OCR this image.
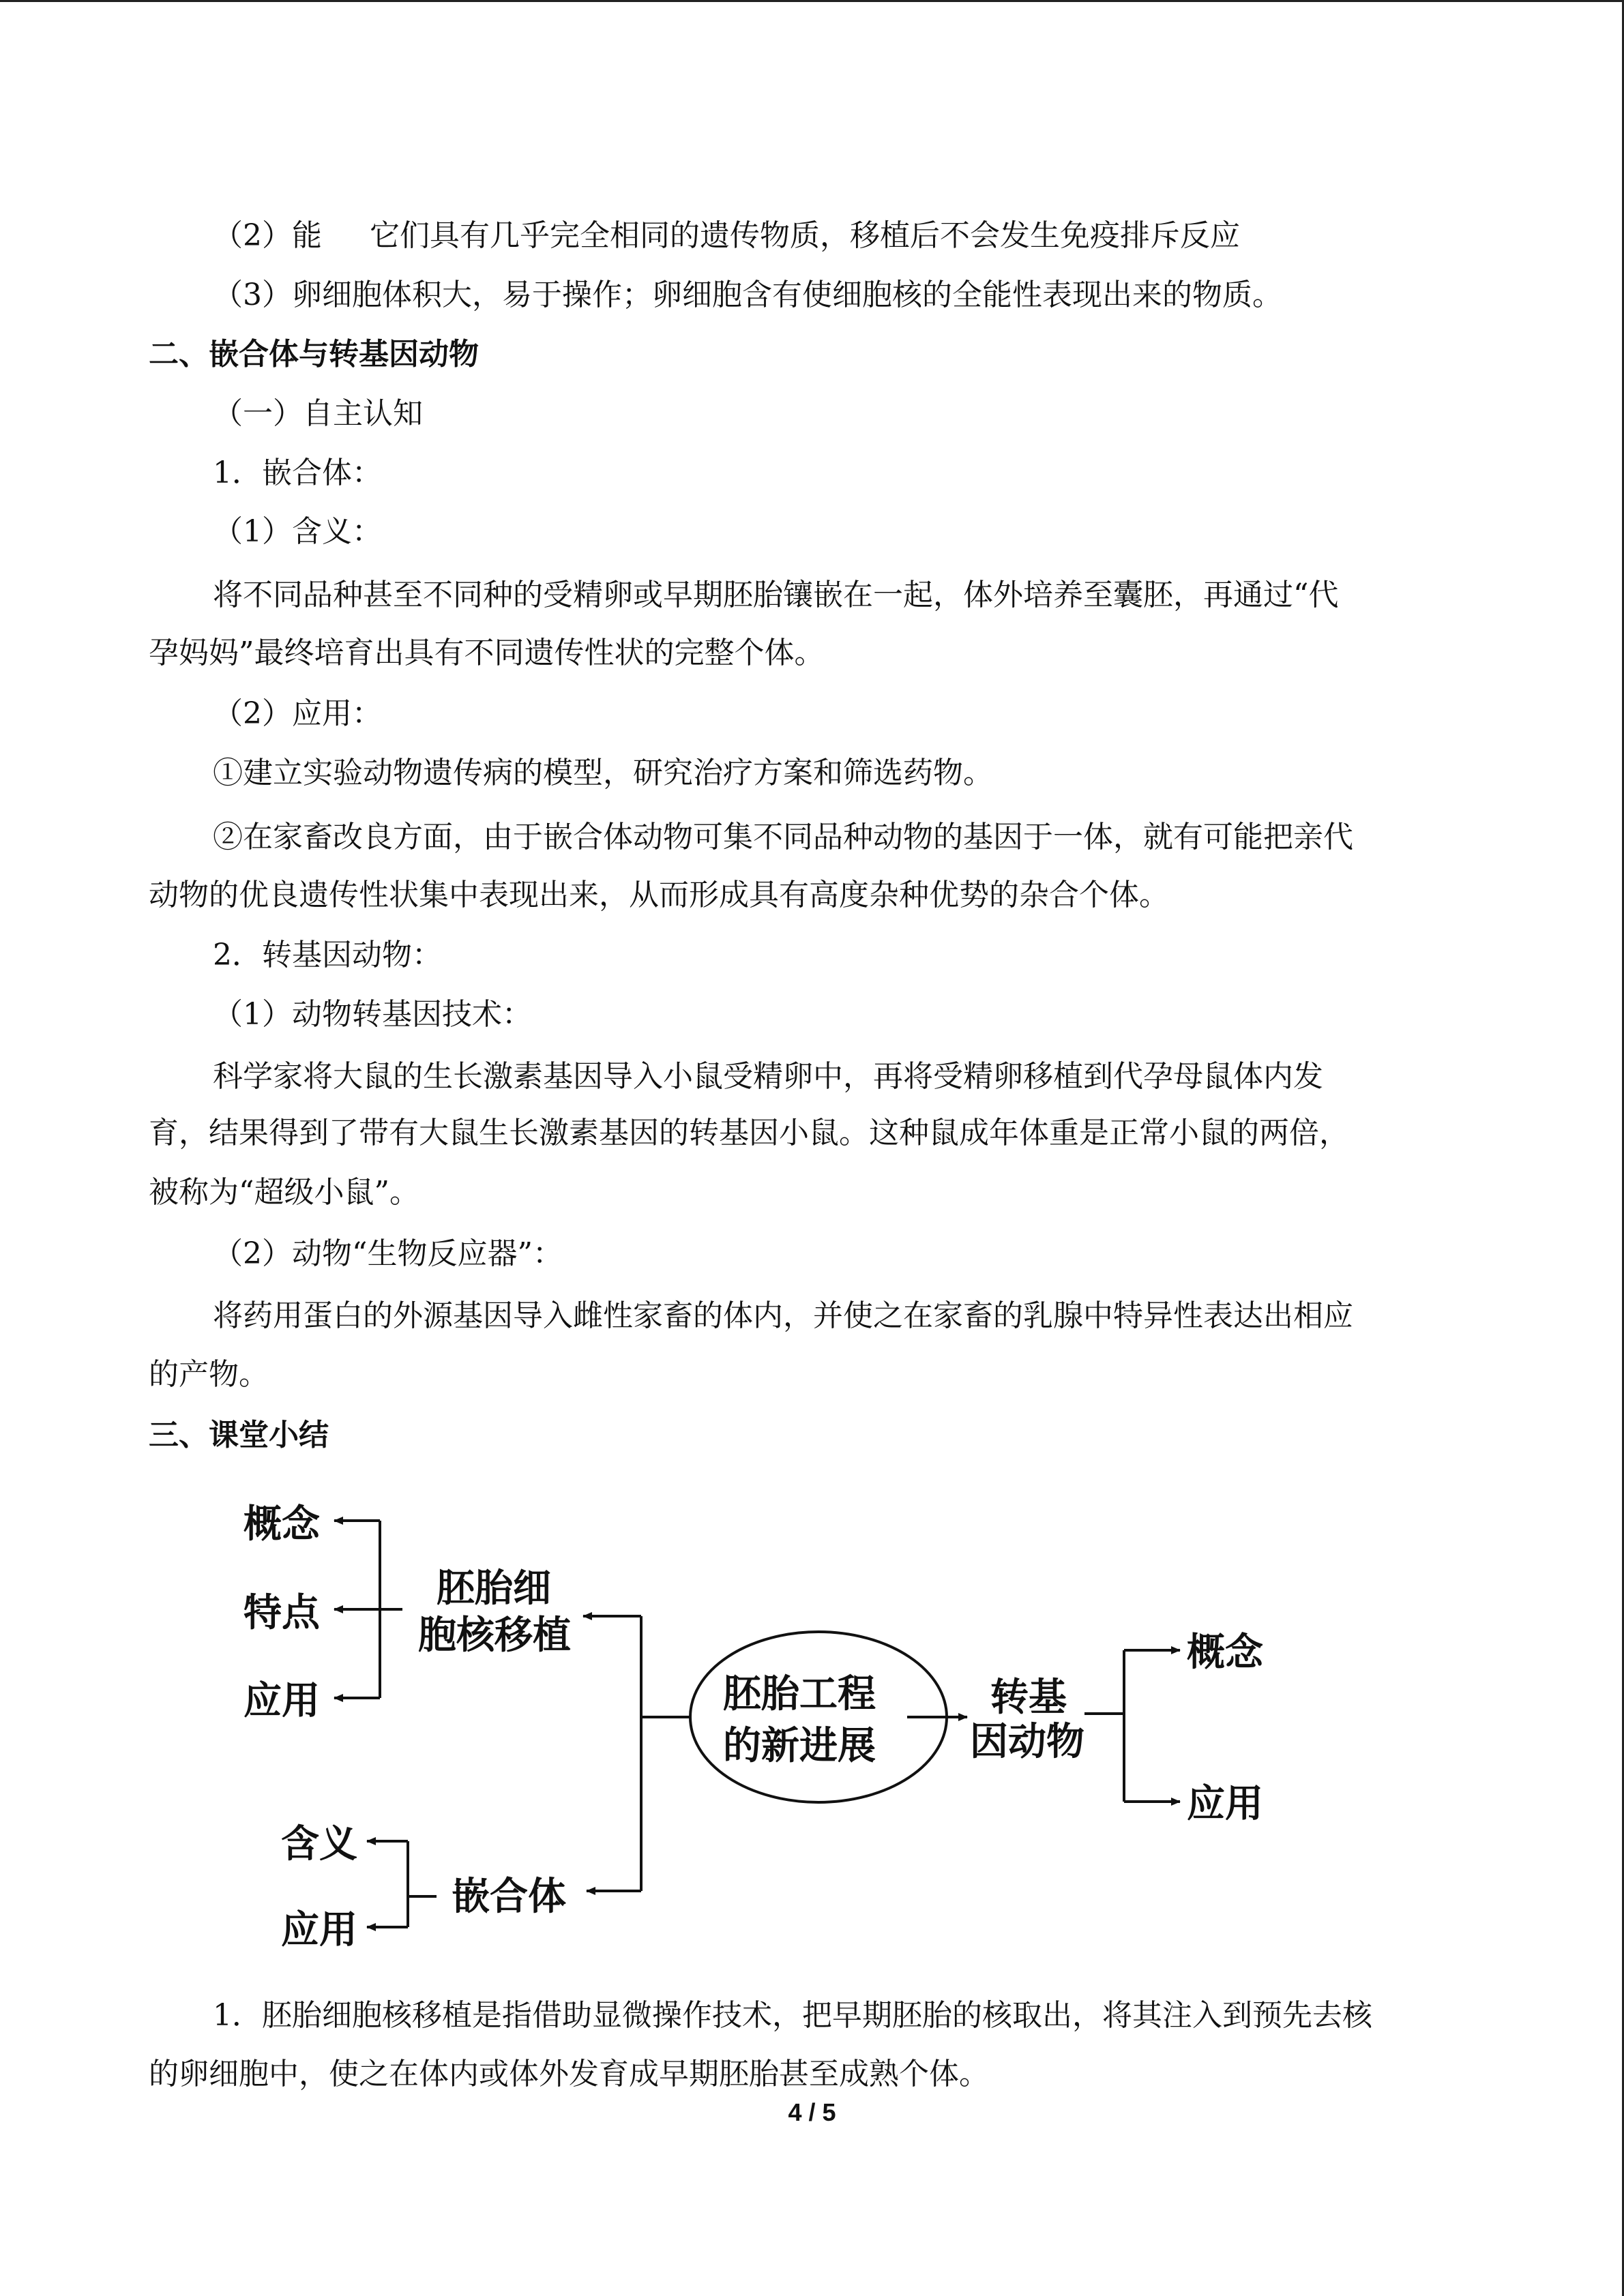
（2）能 它们具有几乎完全相同的遗传物质，移植后不会发生免疫排斥反应
（3）卵细胞体积大，易于操作；卵细胞含有使细胞核的全能性表现出来的物质。
二、嵌合体与转基因动物
（一）自主认知
1．嵌合体：
（1）含义：
将不同品种甚至不同种的受精卵或早期胚胎镶嵌在一起，体外培养至囊胚，再通过“代
孕妈妈”最终培育出具有不同遗传性状的完整个体。
（2）应用：
①建立实验动物遗传病的模型，研究治疗方案和筛选药物。
②在家畜改良方面，由于嵌合体动物可集不同品种动物的基因于一体，就有可能把亲代
动物的优良遗传性状集中表现出来，从而形成具有高度杂种优势的杂合个体。
2．转基因动物：
（1）动物转基因技术：
科学家将大鼠的生长激素基因导入小鼠受精卵中，再将受精卵移植到代孕母鼠体内发
育，结果得到了带有大鼠生长激素基因的转基因小鼠。这种鼠成年体重是正常小鼠的两倍，
被称为“超级小鼠”。
（2）动物“生物反应器”：
将药用蛋白的外源基因导入雌性家畜的体内，并使之在家畜的乳腺中特异性表达出相应
的产物。
三、课堂小结
概念
特点
应用
胚胎细
胞核移植
含义
应用
嵌合体
胚胎工程
的新进展
转基
因动物
概念
应用
1．胚胎细胞核移植是指借助显微操作技术，把早期胚胎的核取出，将其注入到预先去核
的卵细胞中，使之在体内或体外发育成早期胚胎甚至成熟个体。
4 / 5
